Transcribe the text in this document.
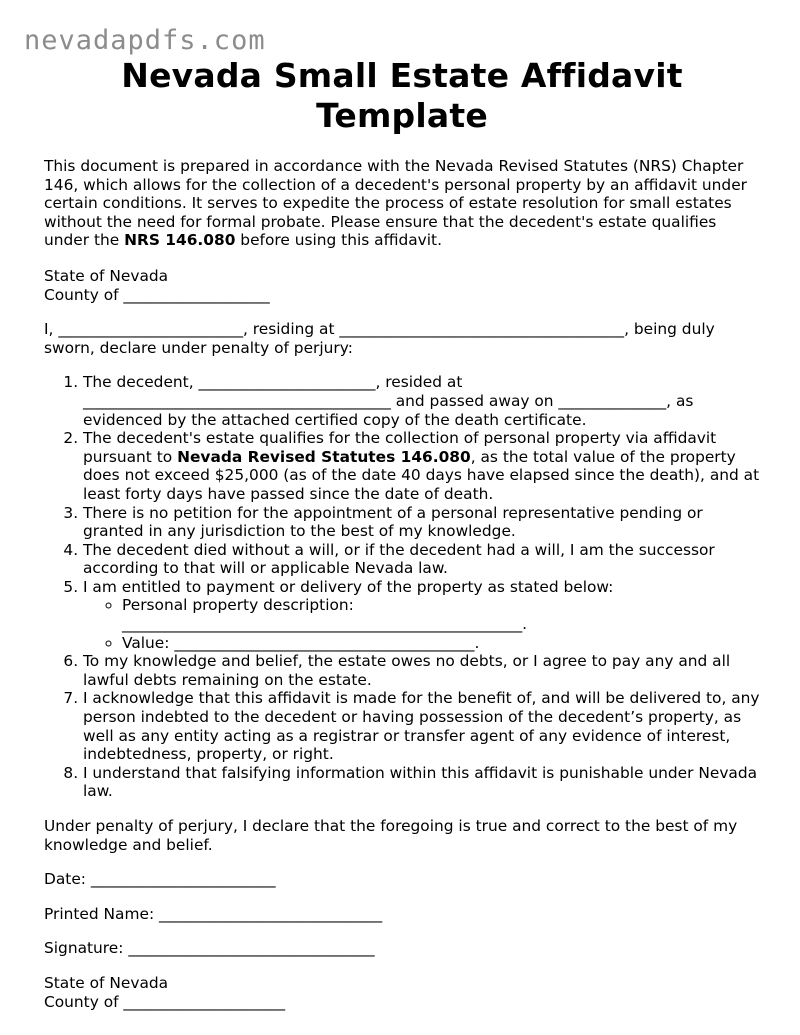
nevadapdfs.com
Nevada Small Estate Affidavit Template

This document is prepared in accordance with the Nevada Revised Statutes (NRS) Chapter 146, which allows for the collection of a decedent's personal property by an affidavit under certain conditions. It serves to expedite the process of estate resolution for small estates without the need for formal probate. Please ensure that the decedent's estate qualifies under the NRS 146.080 before using this affidavit.

State of Nevada

County of ___________________

I, ________________________, residing at _____________________________________, being duly sworn, declare under penalty of perjury:

1. The decedent, _______________________, resided at ________________________________________ and passed away on ______________, as evidenced by the attached certified copy of the death certificate.
2. The decedent's estate qualifies for the collection of personal property via affidavit pursuant to Nevada Revised Statutes 146.080, as the total value of the property does not exceed $25,000 (as of the date 40 days have elapsed since the death), and at least forty days have passed since the date of death.
3. There is no petition for the appointment of a personal representative pending or granted in any jurisdiction to the best of my knowledge.
4. The decedent died without a will, or if the decedent had a will, I am the successor according to that will or applicable Nevada law.
5. I am entitled to payment or delivery of the property as stated below:
◦ Personal property description: ____________________________________________________.
◦ Value: _______________________________________.
6. To my knowledge and belief, the estate owes no debts, or I agree to pay any and all lawful debts remaining on the estate.
7. I acknowledge that this affidavit is made for the benefit of, and will be delivered to, any person indebted to the decedent or having possession of the decedent’s property, as well as any entity acting as a registrar or transfer agent of any evidence of interest, indebtedness, property, or right.
8. I understand that falsifying information within this affidavit is punishable under Nevada law.

Under penalty of perjury, I declare that the foregoing is true and correct to the best of my knowledge and belief.

Date: ________________________

Printed Name: _____________________________

Signature: ________________________________

State of Nevada

County of _____________________
